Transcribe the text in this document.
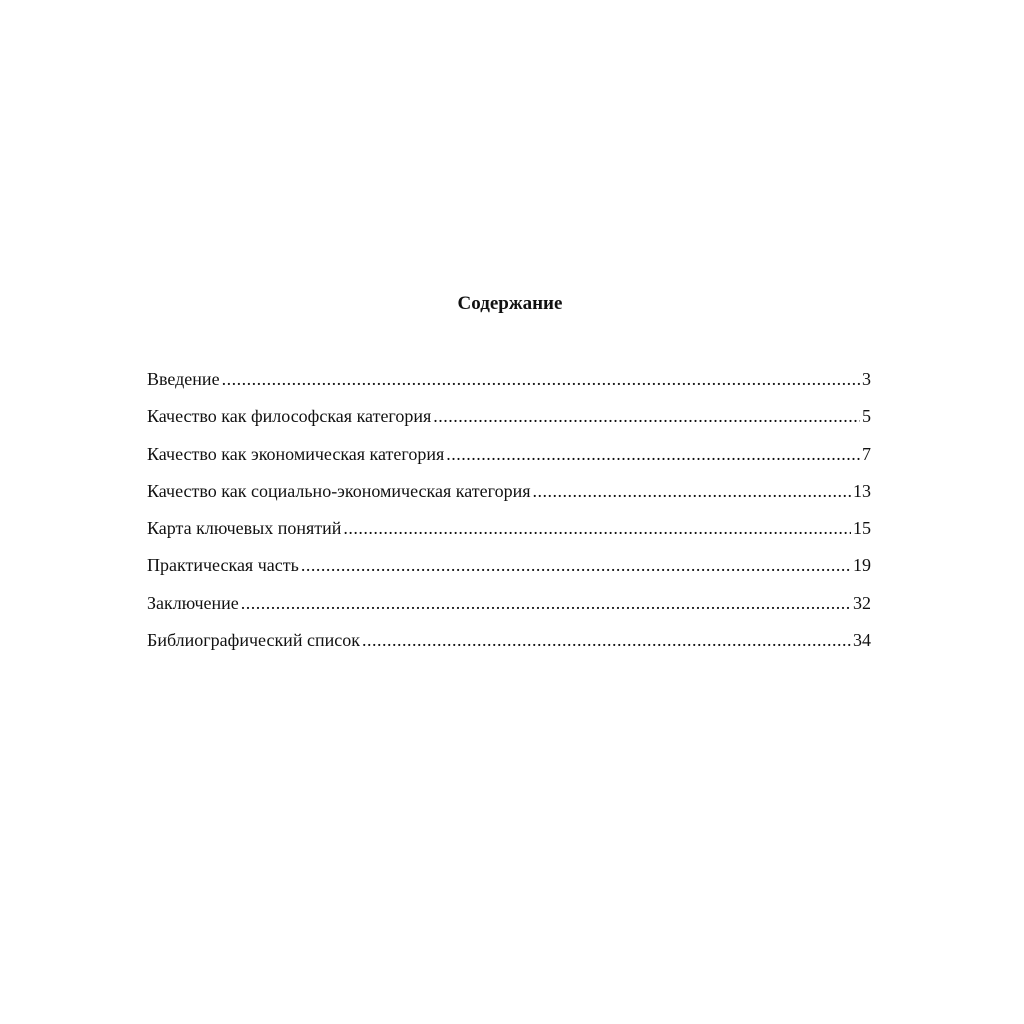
Содержание
Введение .....	3
Качество как философская категория .....	5
Качество как экономическая категория .....	7
Качество как социально-экономическая категория .....	13
Карта ключевых понятий .....	15
Практическая часть .....	19
Заключение .....	32
Библиографический список .....	34
